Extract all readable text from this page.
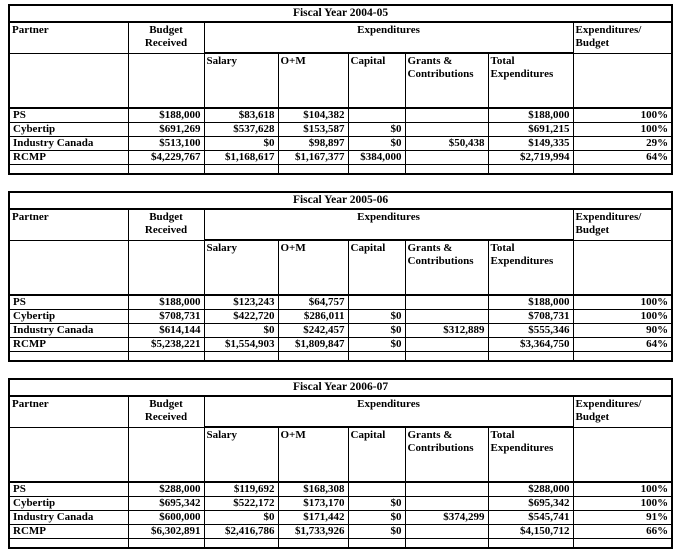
Fiscal Year 2004-05							
Partner	Budget
Received
	Expenditures	Expenditures/
Budget

		Salary	O+M	Capital	Grants &
Contributions

Total
Expenditures

PS	$188,000	$83,618	$104,382			$188,000	100%
Cybertip	$691,269	$537,628	$153,587	$0		$691,215	100%
Industry Canada	$513,100	$0	$98,897	$0	$50,438	$149,335	29%
RCMP	$4,229,767	$1,168,617	$1,167,377	$384,000		$2,719,994	64%

Fiscal Year 2005-06							
Partner	Budget
Received
	Expenditures	Expenditures/
Budget

		Salary	O+M	Capital	Grants &
Contributions

Total
Expenditures

PS	$188,000	$123,243	$64,757			$188,000	100%
Cybertip	$708,731	$422,720	$286,011	$0		$708,731	100%
Industry Canada	$614,144	$0	$242,457	$0	$312,889	$555,346	90%
RCMP	$5,238,221	$1,554,903	$1,809,847	$0		$3,364,750	64%

Fiscal Year 2006-07							
Partner	Budget
Received
	Expenditures	Expenditures/
Budget

		Salary	O+M	Capital	Grants &
Contributions

Total
Expenditures

PS	$288,000	$119,692	$168,308			$288,000	100%
Cybertip	$695,342	$522,172	$173,170	$0		$695,342	100%
Industry Canada	$600,000	$0	$171,442	$0	$374,299	$545,741	91%
RCMP	$6,302,891	$2,416,786	$1,733,926	$0		$4,150,712	66%
